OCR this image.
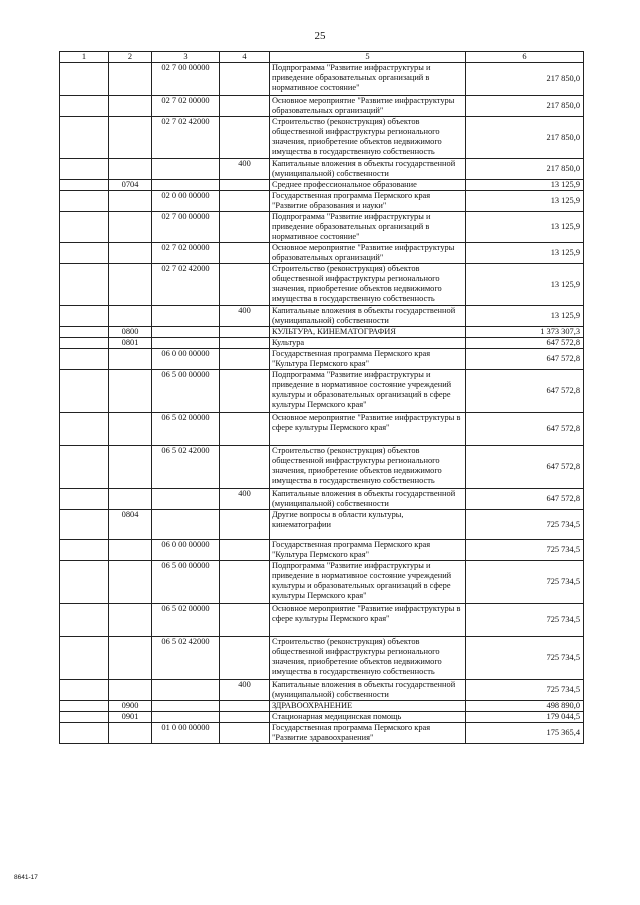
25
1	2	3	4	5	6
		02 7 00 00000		Подпрограмма "Развитие инфраструктуры и приведение образовательных организаций в нормативное состояние"	217 850,0
		02 7 02 00000		Основное мероприятие "Развитие инфраструктуры образовательных организаций"	217 850,0
		02 7 02 42000		Строительство (реконструкция) объектов общественной инфраструктуры регионального значения, приобретение объектов недвижимого имущества в государственную собственность	217 850,0
			400	Капитальные вложения в объекты государственной (муниципальной) собственности	217 850,0
	0704			Среднее профессиональное образование	13 125,9
		02 0 00 00000		Государственная программа Пермского края "Развитие образования и науки"	13 125,9
		02 7 00 00000		Подпрограмма "Развитие инфраструктуры и приведение образовательных организаций в нормативное состояние"	13 125,9
		02 7 02 00000		Основное мероприятие "Развитие инфраструктуры образовательных организаций"	13 125,9
		02 7 02 42000		Строительство (реконструкция) объектов общественной инфраструктуры регионального значения, приобретение объектов недвижимого имущества в государственную собственность	13 125,9
			400	Капитальные вложения в объекты государственной (муниципальной) собственности	13 125,9
	0800			КУЛЬТУРА, КИНЕМАТОГРАФИЯ	1 373 307,3
	0801			Культура	647 572,8
		06 0 00 00000		Государственная программа Пермского края "Культура Пермского края"	647 572,8
		06 5 00 00000		Подпрограмма "Развитие инфраструктуры и приведение в нормативное состояние учреждений культуры и образовательных организаций в сфере культуры Пермского края"	647 572,8
		06 5 02 00000		Основное мероприятие "Развитие инфраструктуры в сфере культуры Пермского края"	647 572,8
		06 5 02 42000		Строительство (реконструкция) объектов общественной инфраструктуры регионального значения, приобретение объектов недвижимого имущества в государственную собственность	647 572,8
			400	Капитальные вложения в объекты государственной (муниципальной) собственности	647 572,8
	0804			Другие вопросы в области культуры, кинематографии	725 734,5
		06 0 00 00000		Государственная программа Пермского края "Культура Пермского края"	725 734,5
		06 5 00 00000		Подпрограмма "Развитие инфраструктуры и приведение в нормативное состояние учреждений культуры и образовательных организаций в сфере культуры Пермского края"	725 734,5
		06 5 02 00000		Основное мероприятие "Развитие инфраструктуры в сфере культуры Пермского края"	725 734,5
		06 5 02 42000		Строительство (реконструкция) объектов общественной инфраструктуры регионального значения, приобретение объектов недвижимого имущества в государственную собственность	725 734,5
			400	Капитальные вложения в объекты государственной (муниципальной) собственности	725 734,5
	0900			ЗДРАВООХРАНЕНИЕ	498 890,0
	0901			Стационарная медицинская помощь	179 044,5
		01 0 00 00000		Государственная программа Пермского края "Развитие здравоохранения"	175 365,4
8641-17
